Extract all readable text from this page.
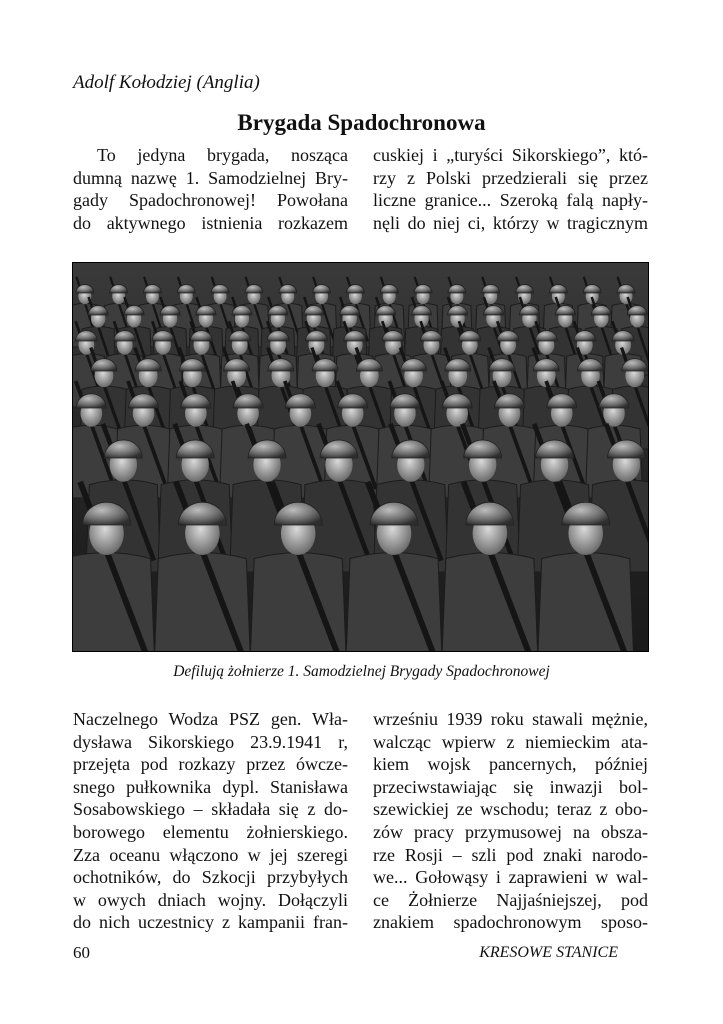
Adolf Kołodziej (Anglia)
Brygada Spadochronowa
To jedyna brygada, nosząca
dumną nazwę 1. Samodzielnej Bry-
gady Spadochronowej! Powołana
do aktywnego istnienia rozkazem
cuskiej i „turyści Sikorskiego”, któ-
rzy z Polski przedzierali się przez
liczne granice... Szeroką falą napły-
nęli do niej ci, którzy w tragicznym
Defilują żołnierze 1. Samodzielnej Brygady Spadochronowej
Naczelnego Wodza PSZ gen. Wła-
dysława Sikorskiego 23.9.1941 r,
przejęta pod rozkazy przez ówcze-
snego pułkownika dypl. Stanisława
Sosabowskiego – składała się z do-
borowego elementu żołnierskiego.
Zza oceanu włączono w jej szeregi
ochotników, do Szkocji przybyłych
w owych dniach wojny. Dołączyli
do nich uczestnicy z kampanii fran-
wrześniu 1939 roku stawali mężnie,
walcząc wpierw z niemieckim ata-
kiem wojsk pancernych, później
przeciwstawiając się inwazji bol-
szewickiej ze wschodu; teraz z obo-
zów pracy przymusowej na obsza-
rze Rosji – szli pod znaki narodo-
we... Gołowąsy i zaprawieni w wal-
ce Żołnierze Najjaśniejszej, pod
znakiem spadochronowym sposo-
60	KRESOWE STANICE
